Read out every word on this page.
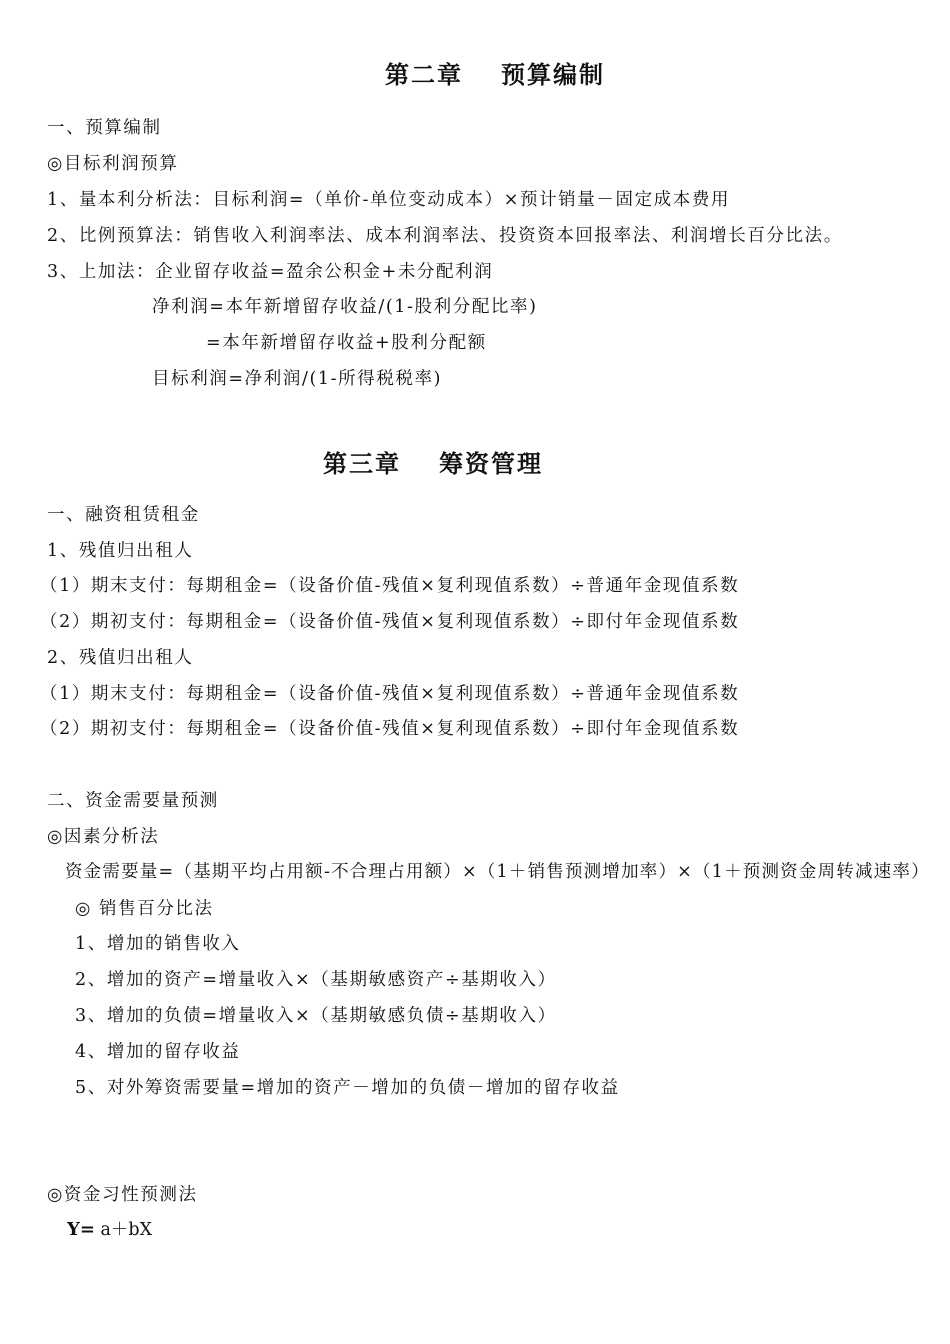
第二章 预算编制
一、预算编制
◎目标利润预算
1、量本利分析法：目标利润=（单价-单位变动成本）×预计销量－固定成本费用
2、比例预算法：销售收入利润率法、成本利润率法、投资资本回报率法、利润增长百分比法。
3、上加法：企业留存收益=盈余公积金+未分配利润
净利润=本年新增留存收益/(1-股利分配比率)
=本年新增留存收益+股利分配额
目标利润=净利润/(1-所得税税率)
第三章 筹资管理
一、融资租赁租金
1、残值归出租人
（1）期末支付：每期租金=（设备价值-残值×复利现值系数）÷普通年金现值系数
（2）期初支付：每期租金=（设备价值-残值×复利现值系数）÷即付年金现值系数
2、残值归出租人
（1）期末支付：每期租金=（设备价值-残值×复利现值系数）÷普通年金现值系数
（2）期初支付：每期租金=（设备价值-残值×复利现值系数）÷即付年金现值系数
二、资金需要量预测
◎因素分析法
资金需要量=（基期平均占用额-不合理占用额）×（1＋销售预测增加率）×（1＋预测资金周转减速率）
◎ 销售百分比法
1、增加的销售收入
2、增加的资产=增量收入×（基期敏感资产÷基期收入）
3、增加的负债=增量收入×（基期敏感负债÷基期收入）
4、增加的留存收益
5、对外筹资需要量=增加的资产－增加的负债－增加的留存收益
◎资金习性预测法
Y= a＋bX
